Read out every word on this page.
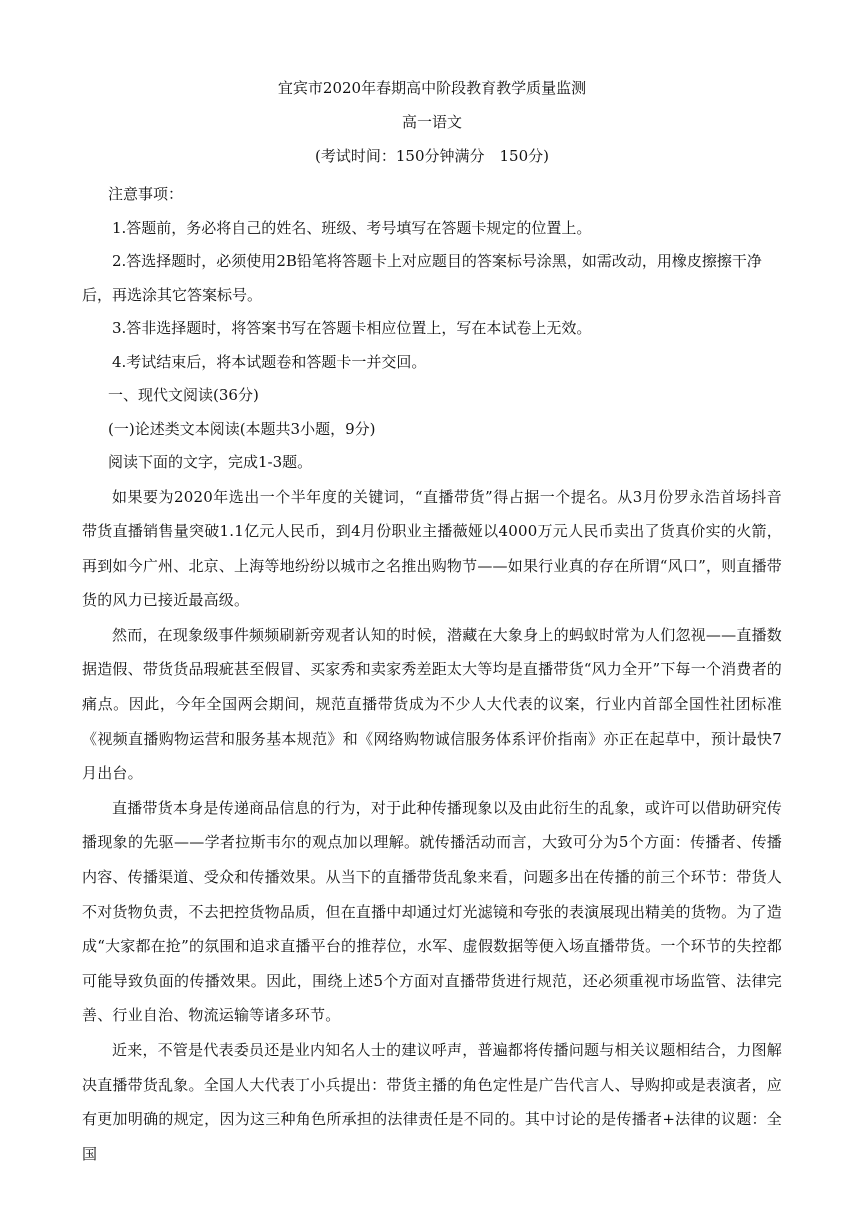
宜宾市2020年春期高中阶段教育教学质量监测
高一语文
(考试时间：150分钟满分　150分)
注意事项：
1.答题前，务必将自己的姓名、班级、考号填写在答题卡规定的位置上。
2.答选择题时，必须使用2B铅笔将答题卡上对应题目的答案标号涂黑，如需改动，用橡皮擦擦干净后，再选涂其它答案标号。
3.答非选择题时，将答案书写在答题卡相应位置上，写在本试卷上无效。
4.考试结束后，将本试题卷和答题卡一并交回。
一、现代文阅读(36分)
(一)论述类文本阅读(本题共3小题，9分)
阅读下面的文字，完成1-3题。

如果要为2020年选出一个半年度的关键词，“直播带货”得占据一个提名。从3月份罗永浩首场抖音带货直播销售量突破1.1亿元人民币，到4月份职业主播薇娅以4000万元人民币卖出了货真价实的火箭，再到如今广州、北京、上海等地纷纷以城市之名推出购物节——如果行业真的存在所谓“风口”，则直播带货的风力已接近最高级。

然而，在现象级事件频频刷新旁观者认知的时候，潜藏在大象身上的蚂蚁时常为人们忽视——直播数据造假、带货货品瑕疵甚至假冒、买家秀和卖家秀差距太大等均是直播带货“风力全开”下每一个消费者的痛点。因此，今年全国两会期间，规范直播带货成为不少人大代表的议案，行业内首部全国性社团标准《视频直播购物运营和服务基本规范》和《网络购物诚信服务体系评价指南》亦正在起草中，预计最快7月出台。

直播带货本身是传递商品信息的行为，对于此种传播现象以及由此衍生的乱象，或许可以借助研究传播现象的先驱——学者拉斯韦尔的观点加以理解。就传播活动而言，大致可分为5个方面：传播者、传播内容、传播渠道、受众和传播效果。从当下的直播带货乱象来看，问题多出在传播的前三个环节：带货人不对货物负责，不去把控货物品质，但在直播中却通过灯光滤镜和夸张的表演展现出精美的货物。为了造成“大家都在抢”的氛围和追求直播平台的推荐位，水军、虚假数据等便入场直播带货。一个环节的失控都可能导致负面的传播效果。因此，围绕上述5个方面对直播带货进行规范，还必须重视市场监管、法律完善、行业自治、物流运输等诸多环节。

近来，不管是代表委员还是业内知名人士的建议呼声，普遍都将传播问题与相关议题相结合，力图解决直播带货乱象。全国人大代表丁小兵提出：带货主播的角色定性是广告代言人、导购抑或是表演者，应有更加明确的规定，因为这三种角色所承担的法律责任是不同的。其中讨论的是传播者+法律的议题：全国
